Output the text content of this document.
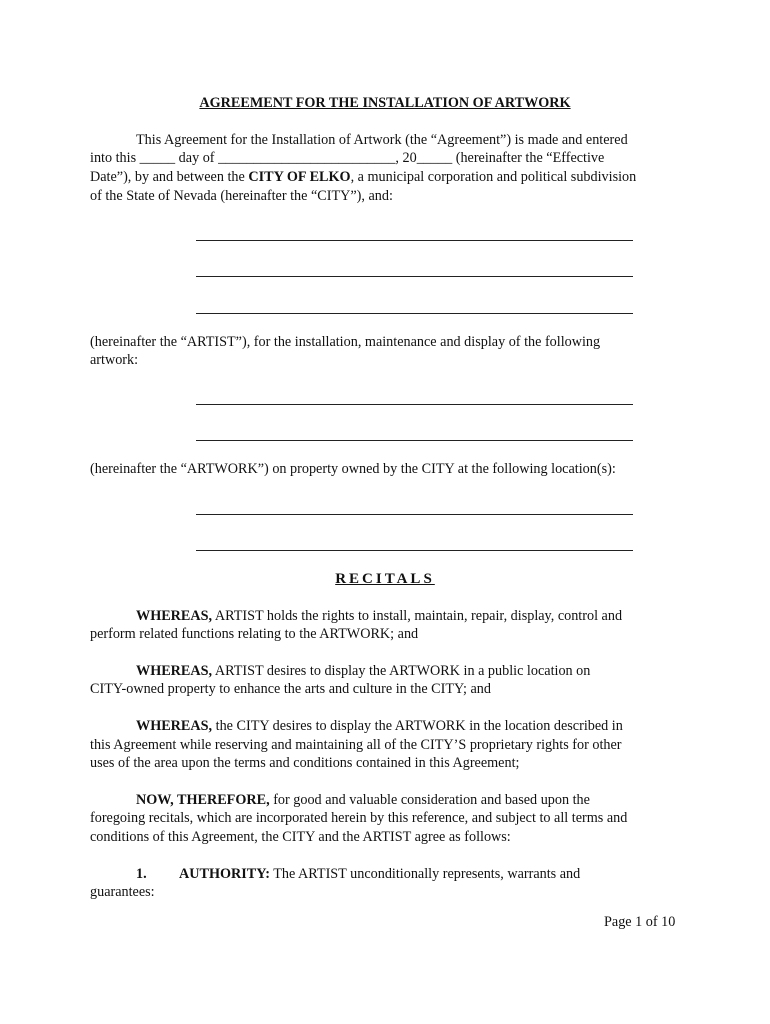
AGREEMENT FOR THE INSTALLATION OF ARTWORK
This Agreement for the Installation of Artwork (the “Agreement”) is made and entered
into this _____ day of _________________________, 20_____ (hereinafter the “Effective
Date”), by and between the CITY OF ELKO, a municipal corporation and political subdivision
of the State of Nevada (hereinafter the “CITY”), and:
(hereinafter the “ARTIST”), for the installation, maintenance and display of the following
artwork:
(hereinafter the “ARTWORK”) on property owned by the CITY at the following location(s):
RECITALS
WHEREAS, ARTIST holds the rights to install, maintain, repair, display, control and
perform related functions relating to the ARTWORK; and
WHEREAS, ARTIST desires to display the ARTWORK in a public location on
CITY-owned property to enhance the arts and culture in the CITY; and
WHEREAS, the CITY desires to display the ARTWORK in the location described in
this Agreement while reserving and maintaining all of the CITY’S proprietary rights for other
uses of the area upon the terms and conditions contained in this Agreement;
NOW, THEREFORE, for good and valuable consideration and based upon the
foregoing recitals, which are incorporated herein by this reference, and subject to all terms and
conditions of this Agreement, the CITY and the ARTIST agree as follows:
1. AUTHORITY: The ARTIST unconditionally represents, warrants and
guarantees:
Page 1 of 10
